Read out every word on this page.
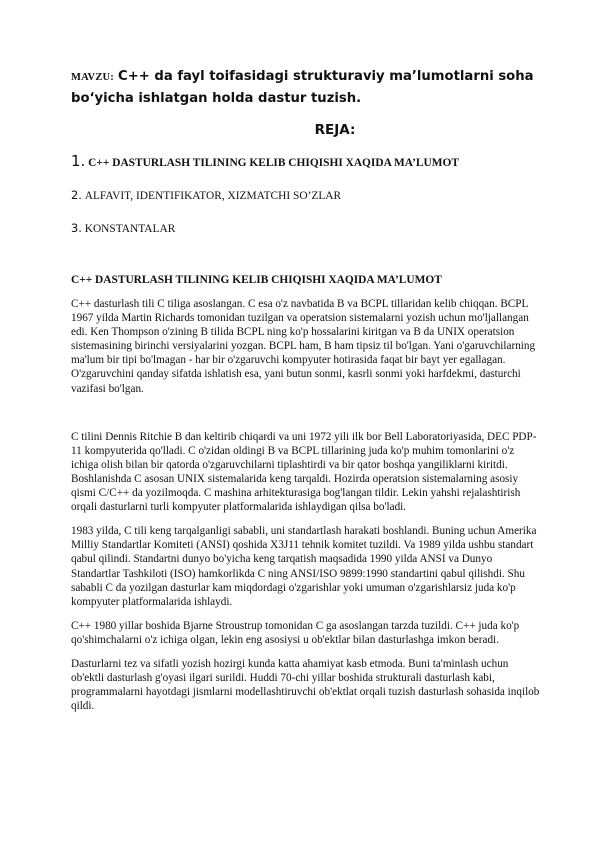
MAVZU: C++ da fayl toifasidagi strukturaviy ma’lumotlarni soha bo‘yicha ishlatgan holda dastur tuzish.

REJA:
1. C++ DASTURLASH TILINING KELIB CHIQISHI XAQIDA MA’LUMOT
2. ALFAVIT, IDENTIFIKATOR, XIZMATCHI SO’ZLAR
3. KONSTANTALAR
C++ DASTURLASH TILINING KELIB CHIQISHI XAQIDA MA’LUMOT

C++ dasturlash tili C tiliga asoslangan. C esa o'z navbatida B va BCPL tillaridan kelib chiqqan. BCPL 1967 yilda Martin Richards tomonidan tuzilgan va operatsion sistemalarni yozish uchun mo'ljallangan edi. Ken Thompson o'zining B tilida BCPL ning ko'p hossalarini kiritgan va B da UNIX operatsion sistemasining birinchi versiyalarini yozgan. BCPL ham, B ham tipsiz til bo'lgan. Yani o'garuvchilarning ma'lum bir tipi bo'lmagan - har bir o'zgaruvchi kompyuter hotirasida faqat bir bayt yer egallagan. O'zgaruvchini qanday sifatda ishlatish esa, yani butun sonmi, kasrli sonmi yoki harfdekmi, dasturchi vazifasi bo'lgan.

C tilini Dennis Ritchie B dan keltirib chiqardi va uni 1972 yili ilk bor Bell Laboratoriyasida, DEC PDP-11 kompyuterida qo'lladi. C o'zidan oldingi B va BCPL tillarining juda ko'p muhim tomonlarini o'z ichiga olish bilan bir qatorda o'zgaruvchilarni tiplashtirdi va bir qator boshqa yangiliklarni kiritdi. Boshlanishda C asosan UNIX sistemalarida keng tarqaldi. Hozirda operatsion sistemalarning asosiy qismi C/C++ da yozilmoqda. C mashina arhitekturasiga bog'langan tildir. Lekin yahshi rejalashtirish orqali dasturlarni turli kompyuter platformalarida ishlaydigan qilsa bo'ladi.

1983 yilda, C tili keng tarqalganligi sababli, uni standartlash harakati boshlandi. Buning uchun Amerika Milliy Standartlar Komiteti (ANSI) qoshida X3J11 tehnik komitet tuzildi. Va 1989 yilda ushbu standart qabul qilindi. Standartni dunyo bo'yicha keng tarqatish maqsadida 1990 yilda ANSI va Dunyo Standartlar Tashkiloti (ISO) hamkorlikda C ning ANSI/ISO 9899:1990 standartini qabul qilishdi. Shu sababli C da yozilgan dasturlar kam miqdordagi o'zgarishlar yoki umuman o'zgarishlarsiz juda ko'p kompyuter platformalarida ishlaydi.

C++ 1980 yillar boshida Bjarne Stroustrup tomonidan C ga asoslangan tarzda tuzildi. C++ juda ko'p qo'shimchalarni o'z ichiga olgan, lekin eng asosiysi u ob'ektlar bilan dasturlashga imkon beradi.

Dasturlarni tez va sifatli yozish hozirgi kunda katta ahamiyat kasb etmoda. Buni ta'minlash uchun ob'ektli dasturlash g'oyasi ilgari surildi. Huddi 70-chi yillar boshida strukturali dasturlash kabi, programmalarni hayotdagi jismlarni modellashtiruvchi ob'ektlat orqali tuzish dasturlash sohasida inqilob qildi.
